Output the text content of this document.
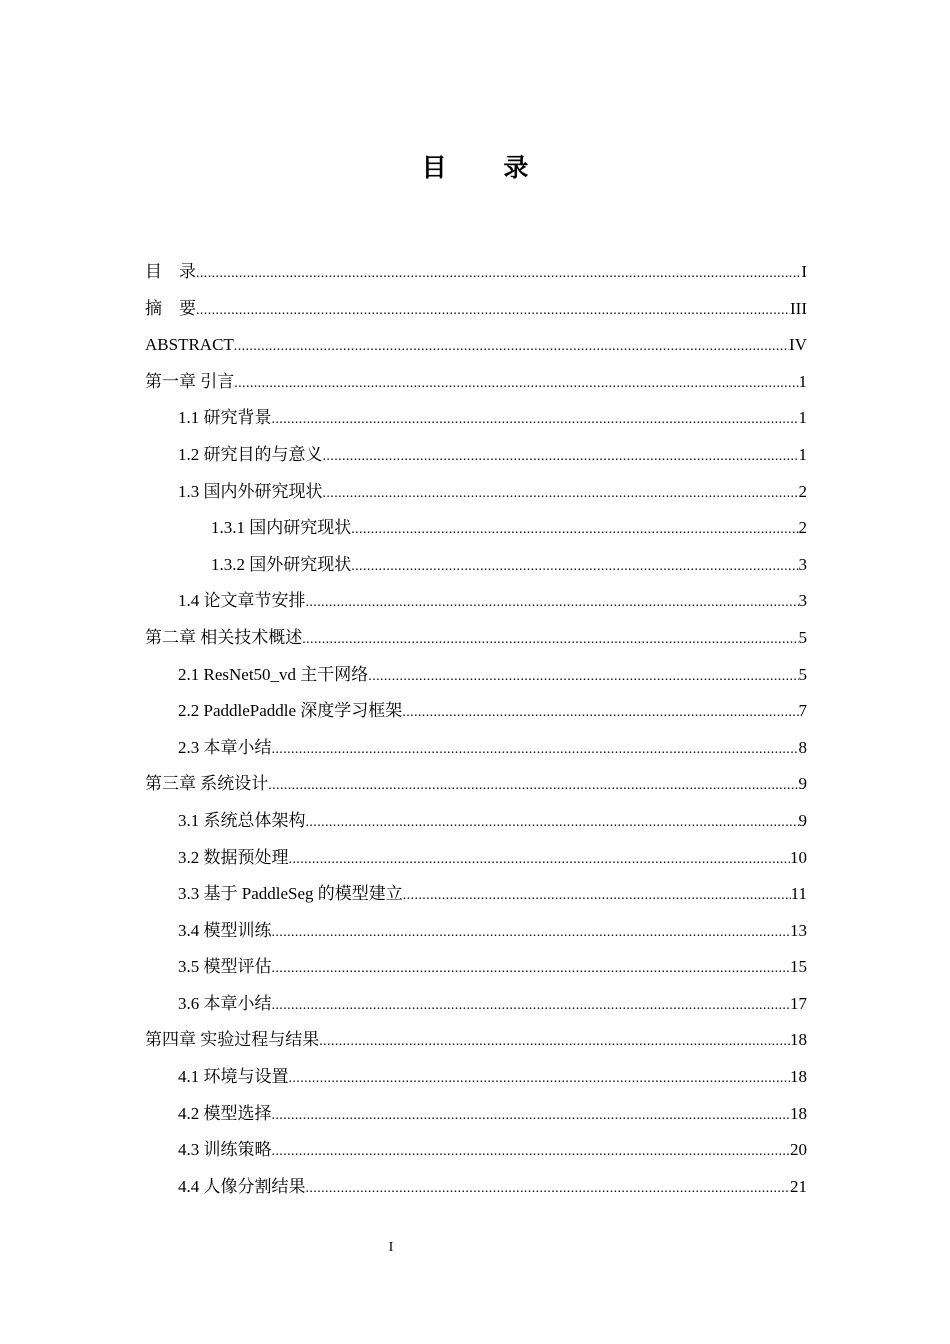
目 录
目　录 .....	I
摘　要 .....	III
ABSTRACT .....	IV
第一章 引言 .....	1
1.1 研究背景 .....	1
1.2 研究目的与意义 .....	1
1.3 国内外研究现状 .....	2
1.3.1 国内研究现状 .....	2
1.3.2 国外研究现状 .....	3
1.4 论文章节安排 .....	3
第二章 相关技术概述 .....	5
2.1 ResNet50_vd 主干网络 .....	5
2.2 PaddlePaddle 深度学习框架 .....	7
2.3 本章小结 .....	8
第三章 系统设计 .....	9
3.1 系统总体架构 .....	9
3.2 数据预处理 .....	10
3.3 基于 PaddleSeg 的模型建立 .....	11
3.4 模型训练 .....	13
3.5 模型评估 .....	15
3.6 本章小结 .....	17
第四章 实验过程与结果 .....	18
4.1 环境与设置 .....	18
4.2 模型选择 .....	18
4.3 训练策略 .....	20
4.4 人像分割结果 .....	21
I
